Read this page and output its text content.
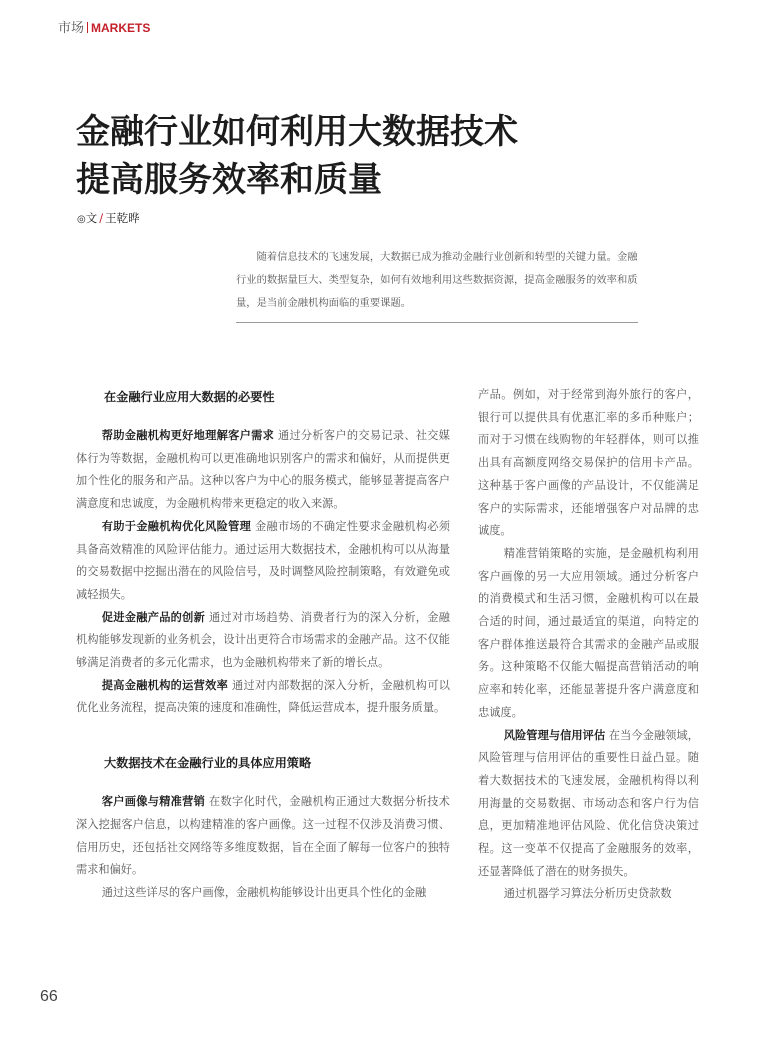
市场 MARKETS
金融行业如何利用大数据技术
提高服务效率和质量
◎文 / 王乾晔

随着信息技术的飞速发展，大数据已成为推动金融行业创新和转型的关键力量。金融行业的数据量巨大、类型复杂，如何有效地利用这些数据资源，提高金融服务的效率和质量，是当前金融机构面临的重要课题。

在金融行业应用大数据的必要性

帮助金融机构更好地理解客户需求 通过分析客户的交易记录、社交媒体行为等数据，金融机构可以更准确地识别客户的需求和偏好，从而提供更加个性化的服务和产品。这种以客户为中心的服务模式，能够显著提高客户满意度和忠诚度，为金融机构带来更稳定的收入来源。

有助于金融机构优化风险管理 金融市场的不确定性要求金融机构必须具备高效精准的风险评估能力。通过运用大数据技术，金融机构可以从海量的交易数据中挖掘出潜在的风险信号，及时调整风险控制策略，有效避免或减轻损失。

促进金融产品的创新 通过对市场趋势、消费者行为的深入分析，金融机构能够发现新的业务机会，设计出更符合市场需求的金融产品。这不仅能够满足消费者的多元化需求，也为金融机构带来了新的增长点。

提高金融机构的运营效率 通过对内部数据的深入分析，金融机构可以优化业务流程，提高决策的速度和准确性，降低运营成本，提升服务质量。

大数据技术在金融行业的具体应用策略

客户画像与精准营销 在数字化时代，金融机构正通过大数据分析技术深入挖掘客户信息，以构建精准的客户画像。这一过程不仅涉及消费习惯、信用历史，还包括社交网络等多维度数据，旨在全面了解每一位客户的独特需求和偏好。

通过这些详尽的客户画像，金融机构能够设计出更具个性化的金融

产品。例如，对于经常到海外旅行的客户，银行可以提供具有优惠汇率的多币种账户；而对于习惯在线购物的年轻群体，则可以推出具有高额度网络交易保护的信用卡产品。这种基于客户画像的产品设计，不仅能满足客户的实际需求，还能增强客户对品牌的忠诚度。

精准营销策略的实施，是金融机构利用客户画像的另一大应用领域。通过分析客户的消费模式和生活习惯，金融机构可以在最合适的时间，通过最适宜的渠道，向特定的客户群体推送最符合其需求的金融产品或服务。这种策略不仅能大幅提高营销活动的响应率和转化率，还能显著提升客户满意度和忠诚度。

风险管理与信用评估 在当今金融领域，风险管理与信用评估的重要性日益凸显。随着大数据技术的飞速发展，金融机构得以利用海量的交易数据、市场动态和客户行为信息，更加精准地评估风险、优化信贷决策过程。这一变革不仅提高了金融服务的效率，还显著降低了潜在的财务损失。

通过机器学习算法分析历史贷款数

66
